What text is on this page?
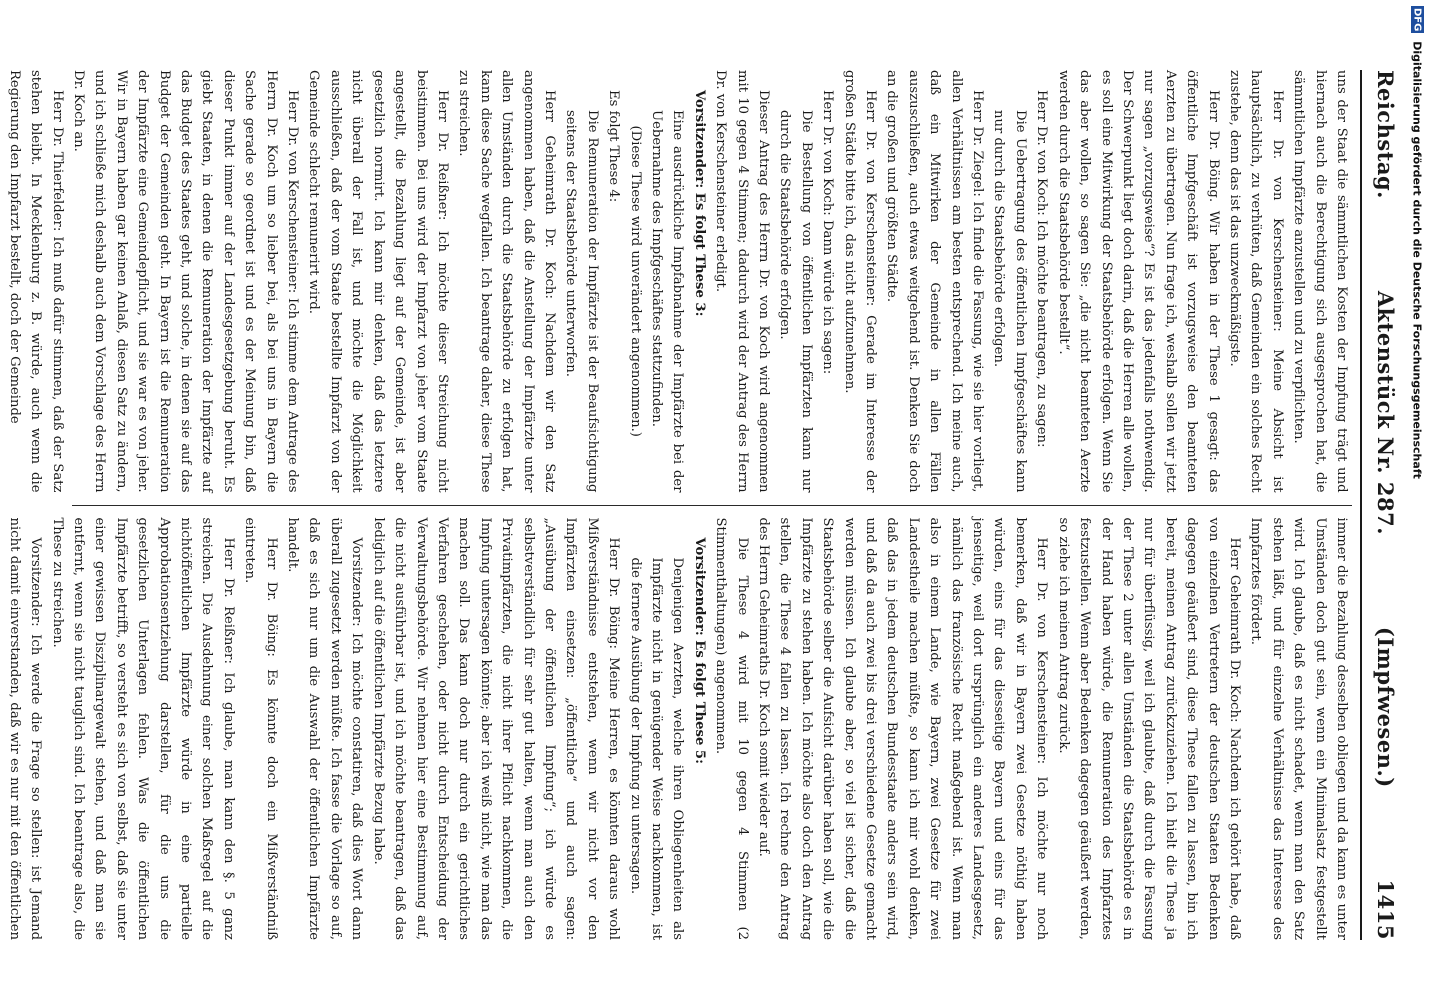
Reichstag.
Aktenstück Nr. 287.
(Impfwesen.)
1415

uns der Staat die sämmtlichen Kosten der Impfung trägt und hiernach auch die Berechtigung sich ausgesprochen hat, die sämmtlichen Impfärzte anzustellen und zu verpflichten.

Herr Dr. von Kerschensteiner: Meine Absicht ist hauptsächlich, zu verhüten, daß Gemeinden ein solches Recht zustehe, denn das ist das unzweckmäßigste.

Herr Dr. Böing. Wir haben in der These 1 gesagt: das öffentliche Impfgeschäft ist vorzugsweise den beamteten Aerzten zu übertragen. Nun frage ich, weshalb sollen wir jetzt nur sagen „vorzugsweise“? Es ist das jedenfalls nothwendig. Der Schwerpunkt liegt doch darin, daß die Herren alle wollen, es soll eine Mitwirkung der Staatsbehörde erfolgen. Wenn Sie das aber wollen, so sagen Sie: „die nicht beamteten Aerzte werden durch die Staatsbehörde bestellt“.

Herr Dr. von Koch: Ich möchte beantragen, zu sagen:

Die Uebertragung des öffentlichen Impfgeschäftes kann nur durch die Staatsbehörde erfolgen.

Herr Dr. Ziegel: Ich finde die Fassung, wie sie hier vorliegt, allen Verhältnissen am besten entsprechend. Ich meine auch, daß ein Mitwirken der Gemeinde in allen Fällen auszuschließen, auch etwas weitgehend ist. Denken Sie doch an die großen und größten Städte.

Herr Dr. von Kerschensteiner: Gerade im Interesse der großen Städte bitte ich, das nicht aufzunehmen.

Herr Dr. von Koch: Dann würde ich sagen:

Die Bestellung von öffentlichen Impfärzten kann nur durch die Staatsbehörde erfolgen.

Dieser Antrag des Herrn Dr. von Koch wird angenommen mit 10 gegen 4 Stimmen; dadurch wird der Antrag des Herrn Dr. von Kerschensteiner erledigt.

Vorsitzender: Es folgt These 3:

Eine ausdrückliche Impfabnahme der Impfärzte bei der Uebernahme des Impfgeschäftes stattzufinden.

(Diese These wird unverändert angenommen.)

Es folgt These 4:

Die Remuneration der Impfärzte ist der Beaufsichtigung seitens der Staatsbehörde unterworfen.

Herr Geheimrath Dr. Koch: Nachdem wir den Satz angenommen haben, daß die Anstellung der Impfärzte unter allen Umständen durch die Staatsbehörde zu erfolgen hat, kann diese Sache wegfallen. Ich beantrage daher, diese These zu streichen.

Herr Dr. Reißner: Ich möchte dieser Streichung nicht beistimmen. Bei uns wird der Impfarzt von jeher vom Staate angestellt, die Bezahlung liegt auf der Gemeinde, ist aber gesetzlich normirt. Ich kann mir denken, daß das letztere nicht überall der Fall ist, und möchte die Möglichkeit ausschließen, daß der vom Staate bestellte Impfarzt von der Gemeinde schlecht remunerirt wird.

Herr Dr. von Kerschensteiner: Ich stimme dem Antrage des Herrn Dr. Koch um so lieber bei, als bei uns in Bayern die Sache gerade so geordnet ist und es der Meinung bin, daß dieser Punkt immer auf der Landesgesetzgebung beruht. Es giebt Staaten, in denen die Remuneration der Impfärzte auf das Budget des Staates geht, und solche, in denen sie auf das Budget der Gemeinden geht. In Bayern ist die Remuneration der Impfärzte eine Gemeindepflicht, und sie war es von jeher. Wir in Bayern haben gar keinen Anlaß, diesen Satz zu ändern, und ich schließe mich deshalb auch dem Vorschlage des Herrn Dr. Koch an.

Herr Dr. Thierfelder: Ich muß dafür stimmen, daß der Satz stehen bleibt. In Mecklenburg z. B. würde, auch wenn die Regierung den Impfarzt bestellt, doch der Gemeinde

immer die Bezahlung desselben obliegen und da kann es unter Umständen doch gut sein, wenn ein Minimalsatz festgestellt wird. Ich glaube, daß es nicht schadet, wenn man den Satz stehen läßt, und für einzelne Verhältnisse das Interesse des Impfarztes fördert.

Herr Geheimrath Dr. Koch: Nachdem ich gehört habe, daß von einzelnen Vertretern der deutschen Staaten Bedenken dagegen geäußert sind, diese These fallen zu lassen, bin ich bereit, meinen Antrag zurückzuziehen. Ich hielt die These ja nur für überflüssig, weil ich glaubte, daß durch die Fassung der These 2 unter allen Umständen die Staatsbehörde es in der Hand haben würde, die Remuneration des Impfarztes festzustellen. Wenn aber Bedenken dagegen geäußert werden, so ziehe ich meinen Antrag zurück.

Herr Dr. von Kerschensteiner: Ich möchte nur noch bemerken, daß wir in Bayern zwei Gesetze nöthig haben würden, eins für das diesseitige Bayern und eins für das jenseitige, weil dort ursprünglich ein anderes Landesgesetz, nämlich das französische Recht maßgebend ist. Wenn man also in einem Lande, wie Bayern, zwei Gesetze für zwei Landestheile machen müßte, so kann ich mir wohl denken, daß das in jedem deutschen Bundesstaate anders sein wird, und daß da auch zwei bis drei verschiedene Gesetze gemacht werden müssen. Ich glaube aber, so viel ist sicher, daß die Staatsbehörde selber die Aufsicht darüber haben soll, wie die Impfärzte zu stehen haben. Ich möchte also doch den Antrag stellen, die These 4 fallen zu lassen. Ich rechne den Antrag des Herrn Geheimraths Dr. Koch somit wieder auf.

Die These 4 wird mit 10 gegen 4 Stimmen (2 Stimmenthaltungen) angenommen.

Vorsitzender: Es folgt These 5:

Denjenigen Aerzten, welche ihren Obliegenheiten als Impfärzte nicht in genügender Weise nachkommen, ist die fernere Ausübung der Impfung zu untersagen.

Herr Dr. Böing: Meine Herren, es könnten daraus wohl Mißverständnisse entstehen, wenn wir nicht vor den Impfärzten einsetzen: „öffentliche“ und auch sagen: „Ausübung der öffentlichen Impfung“; ich würde es selbstverständlich für sehr gut halten, wenn man auch den Privatimpfärzten, die nicht ihrer Pflicht nachkommen, die Impfung untersagen könnte; aber ich weiß nicht, wie man das machen soll. Das kann doch nur durch ein gerichtliches Verfahren geschehen, oder nicht durch Entscheidung der Verwaltungsbehörde. Wir nehmen hier eine Bestimmung auf, die nicht ausführbar ist, und ich möchte beantragen, daß das lediglich auf die öffentlichen Impfärzte Bezug habe.

Vorsitzender: Ich möchte constatiren, daß dies Wort dann überall zugesetzt werden müßte. Ich fasse die Vorlage so auf, daß es sich nur um die Auswahl der öffentlichen Impfärzte handelt.

Herr Dr. Böing: Es könnte doch ein Mißverständniß eintreten.

Herr Dr. Reißner: Ich glaube, man kann den §. 5 ganz streichen. Die Ausdehnung einer solchen Maßregel auf die nichtöffentlichen Impfärzte würde in eine partielle Approbationsentziehung darstellen, für die uns die gesetzlichen Unterlagen fehlen. Was die öffentlichen Impfärzte betrifft, so versteht es sich von selbst, daß sie unter einer gewissen Disziplinargewalt stehen, und daß man sie entfernt, wenn sie nicht tauglich sind. Ich beantrage also, die These zu streichen.

Vorsitzender: Ich werde die Frage so stellen: ist Jemand nicht damit einverstanden, daß wir es nur mit den öffentlichen

DFG Digitalisierung gefördert durch die Deutsche Forschungsgemeinschaft
